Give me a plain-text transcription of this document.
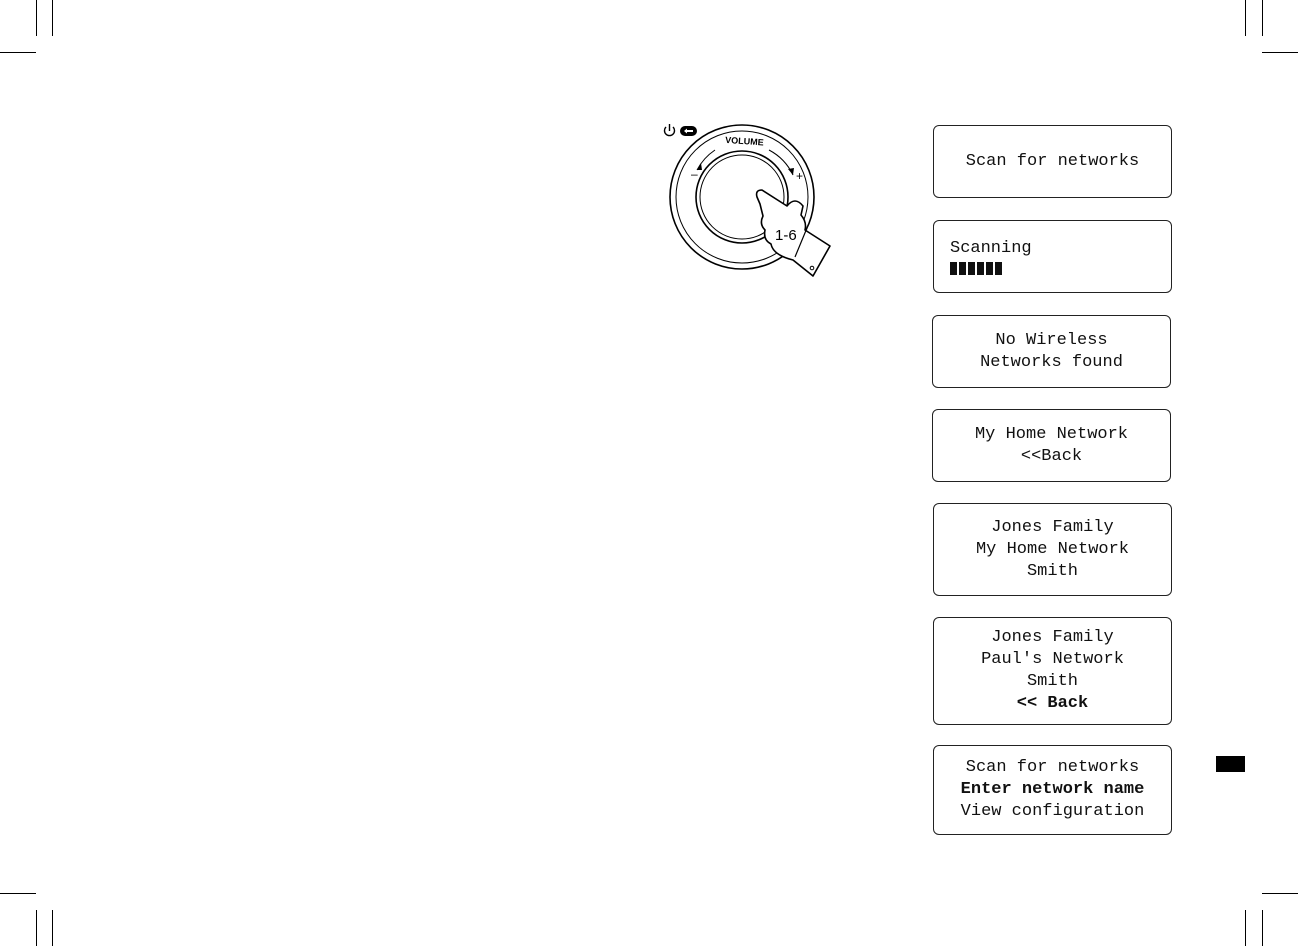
VOLUME
–	+
1-6
Scan for networks
Scanning
No Wireless
Networks found
My Home Network
<<Back
Jones Family
My Home Network
Smith
Jones Family
Paul's Network
Smith
<< Back
Scan for networks
Enter network name
View configuration
